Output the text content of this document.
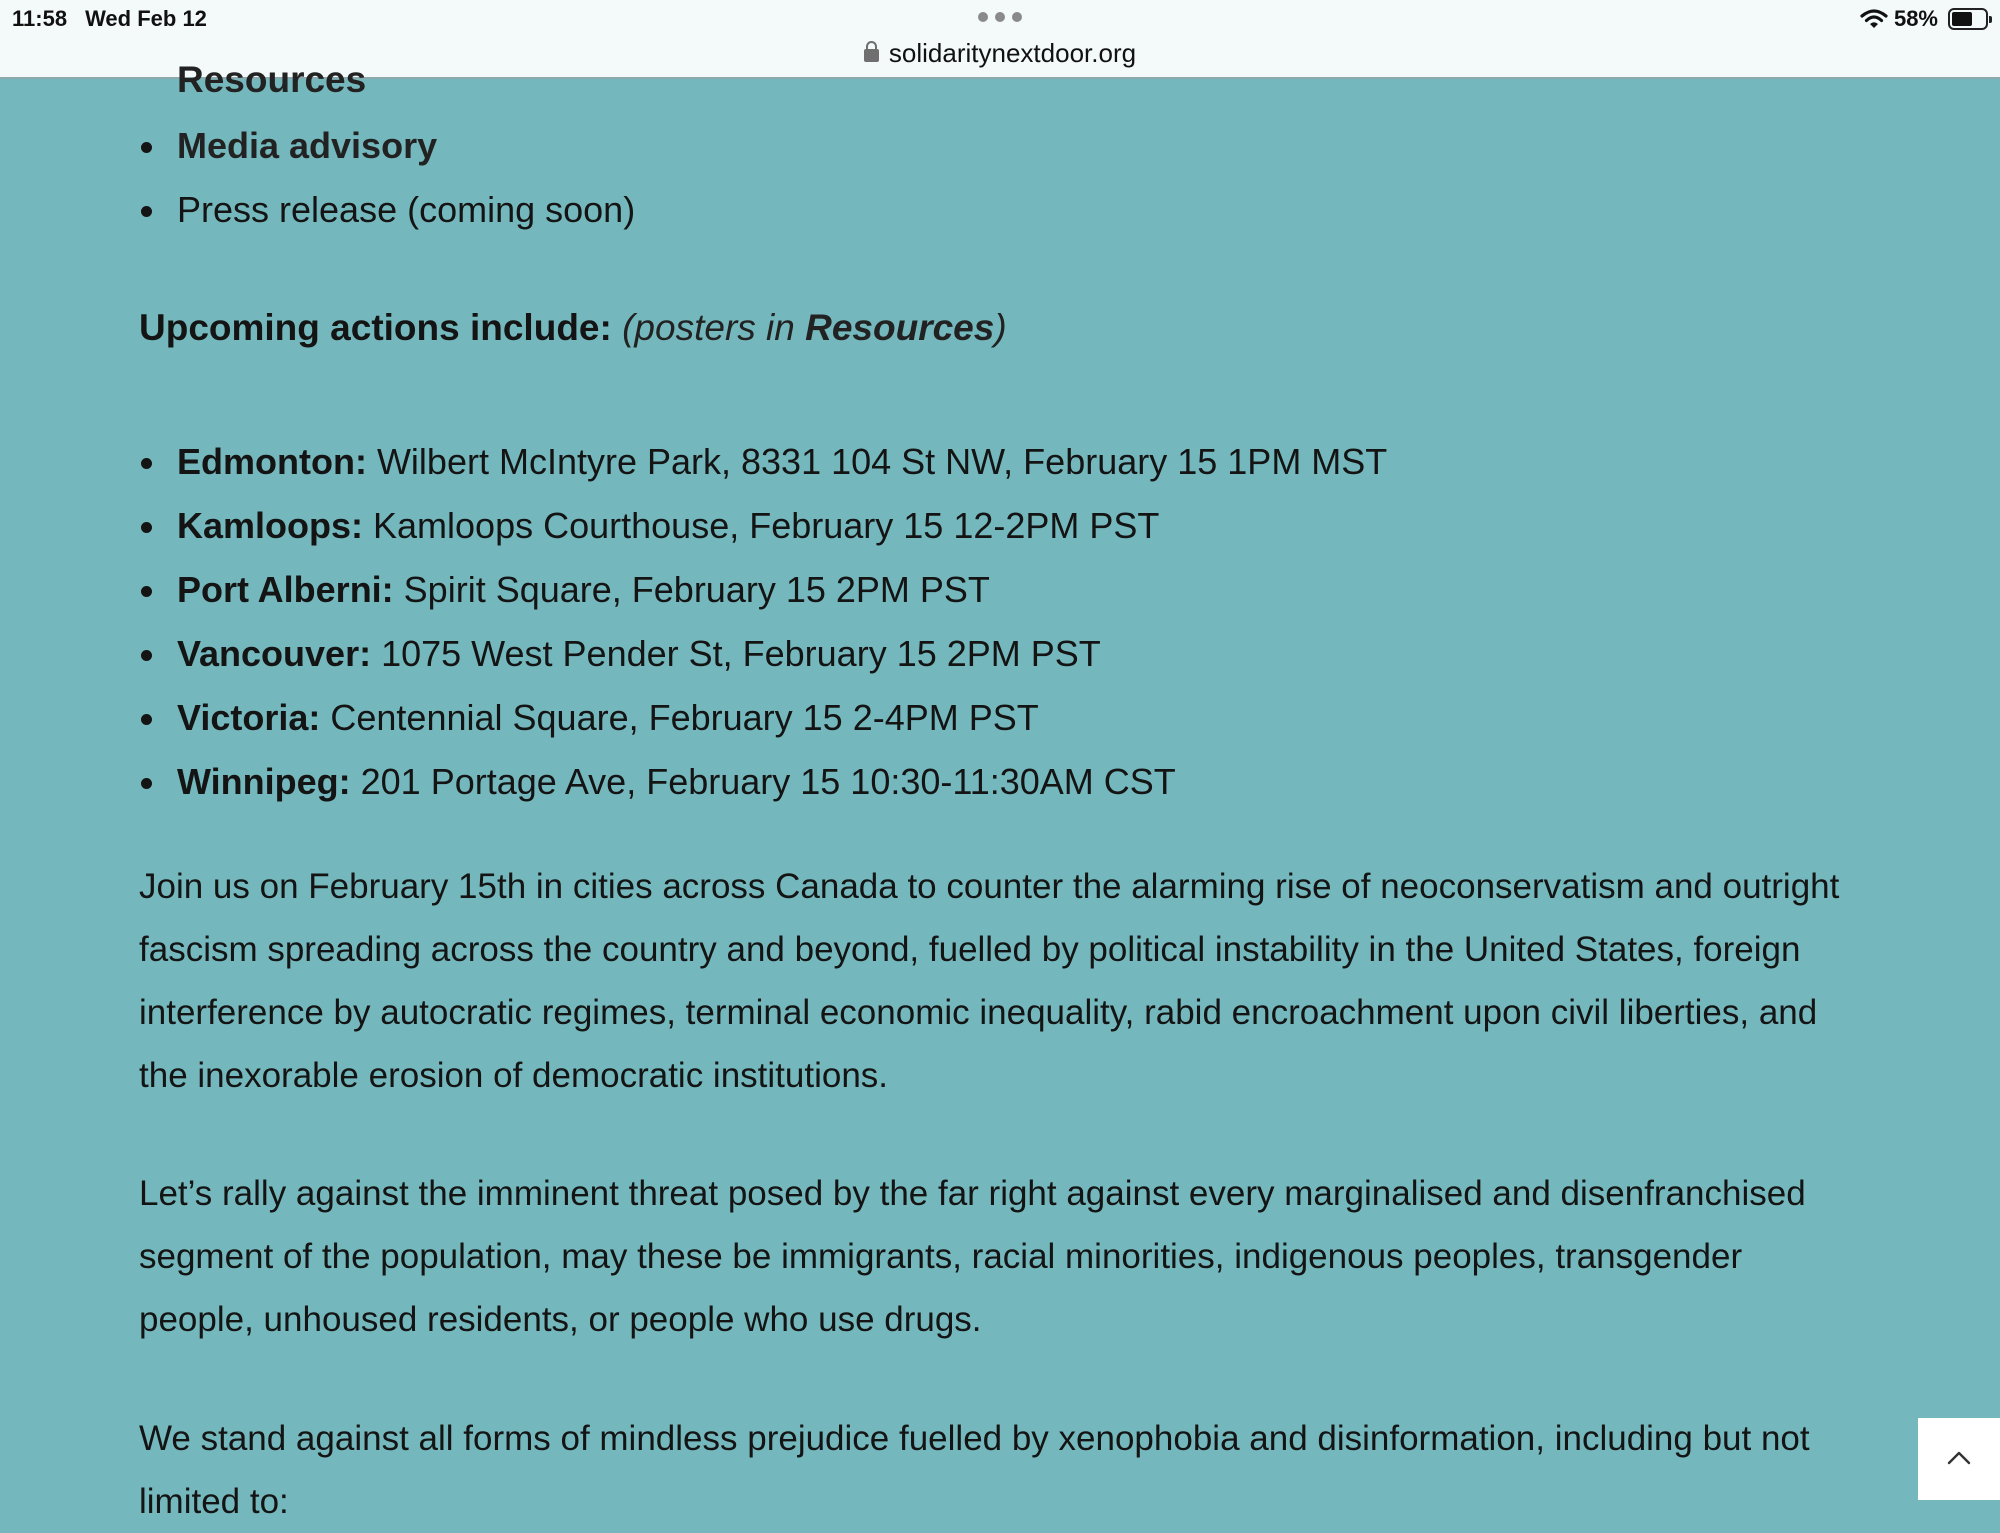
11:58 Wed Feb 12
solidaritynextdoor.org
58%
Resources
Media advisory
Press release (coming soon)
Upcoming actions include: (posters in Resources)
Edmonton: Wilbert McIntyre Park, 8331 104 St NW, February 15 1PM MST
Kamloops: Kamloops Courthouse, February 15 12-2PM PST
Port Alberni: Spirit Square, February 15 2PM PST
Vancouver: 1075 West Pender St, February 15 2PM PST
Victoria: Centennial Square, February 15 2-4PM PST
Winnipeg: 201 Portage Ave, February 15 10:30-11:30AM CST

Join us on February 15th in cities across Canada to counter the alarming rise of neoconservatism and outright fascism spreading across the country and beyond, fuelled by political instability in the United States, foreign interference by autocratic regimes, terminal economic inequality, rabid encroachment upon civil liberties, and the inexorable erosion of democratic institutions.

Let’s rally against the imminent threat posed by the far right against every marginalised and disenfranchised segment of the population, may these be immigrants, racial minorities, indigenous peoples, transgender people, unhoused residents, or people who use drugs.

We stand against all forms of mindless prejudice fuelled by xenophobia and disinformation, including but not limited to:
